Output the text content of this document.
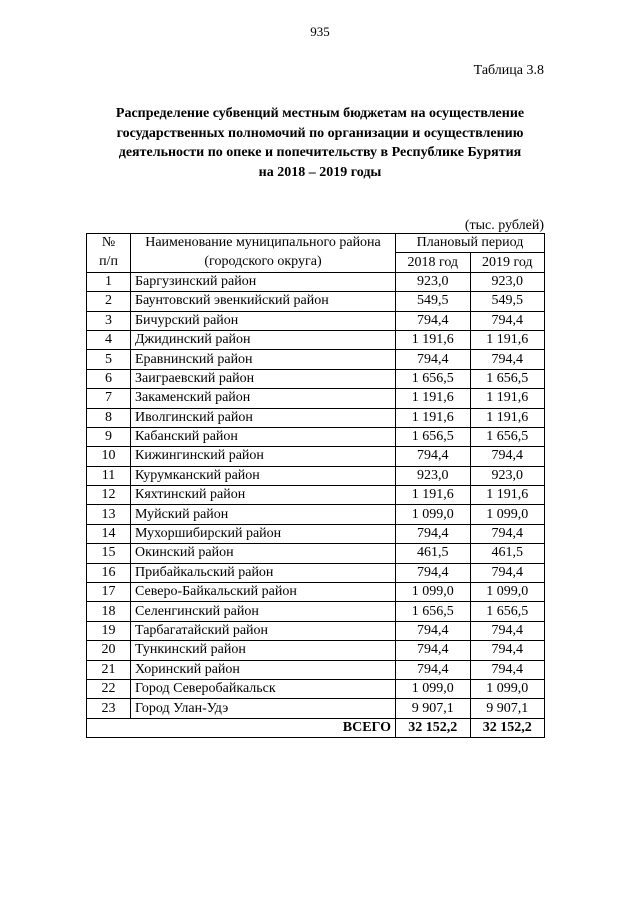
935
Таблица 3.8
Распределение субвенций местным бюджетам на осуществление
государственных полномочий по организации и осуществлению
деятельности по опеке и попечительству в Республике Бурятия
на 2018 – 2019 годы
(тыс. рублей)
№	Наименование муниципального района	Плановый период	
п/п	(городского округа)	2018 год	2019 год
1	Баргузинский район	923,0	923,0
2	Баунтовский эвенкийский район	549,5	549,5
3	Бичурский район	794,4	794,4
4	Джидинский район	1 191,6	1 191,6
5	Еравнинский район	794,4	794,4
6	Заиграевский район	1 656,5	1 656,5
7	Закаменский район	1 191,6	1 191,6
8	Иволгинский район	1 191,6	1 191,6
9	Кабанский район	1 656,5	1 656,5
10	Кижингинский район	794,4	794,4
11	Курумканский район	923,0	923,0
12	Кяхтинский район	1 191,6	1 191,6
13	Муйский район	1 099,0	1 099,0
14	Мухоршибирский район	794,4	794,4
15	Окинский район	461,5	461,5
16	Прибайкальский район	794,4	794,4
17	Северо-Байкальский район	1 099,0	1 099,0
18	Селенгинский район	1 656,5	1 656,5
19	Тарбагатайский район	794,4	794,4
20	Тункинский район	794,4	794,4
21	Хоринский район	794,4	794,4
22	Город Северобайкальск	1 099,0	1 099,0
23	Город Улан-Удэ	9 907,1	9 907,1
	ВСЕГО	32 152,2	32 152,2
